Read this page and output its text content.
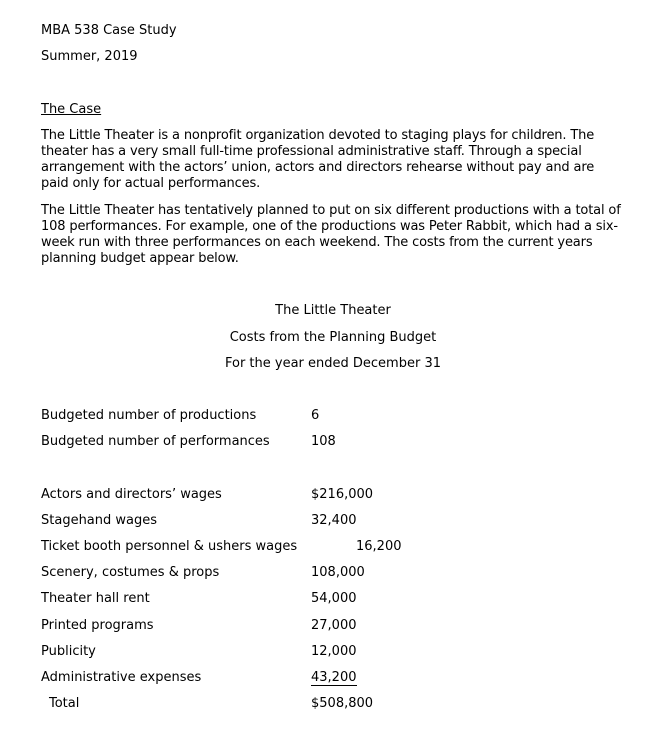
MBA 538 Case Study
Summer, 2019
The Case
The Little Theater is a nonprofit organization devoted to staging plays for children. The theater has a very small full-time professional administrative staff. Through a special arrangement with the actors’ union, actors and directors rehearse without pay and are paid only for actual performances.
The Little Theater has tentatively planned to put on six different productions with a total of 108 performances. For example, one of the productions was Peter Rabbit, which had a six-week run with three performances on each weekend. The costs from the current years planning budget appear below.
The Little Theater
Costs from the Planning Budget
For the year ended December 31
Budgeted number of productions	6
Budgeted number of performances	108
Actors and directors’ wages	$216,000
Stagehand wages	32,400
Ticket booth personnel & ushers wages	16,200
Scenery, costumes & props	108,000
Theater hall rent	54,000
Printed programs	27,000
Publicity	12,000
Administrative expenses	43,200
Total	$508,800
